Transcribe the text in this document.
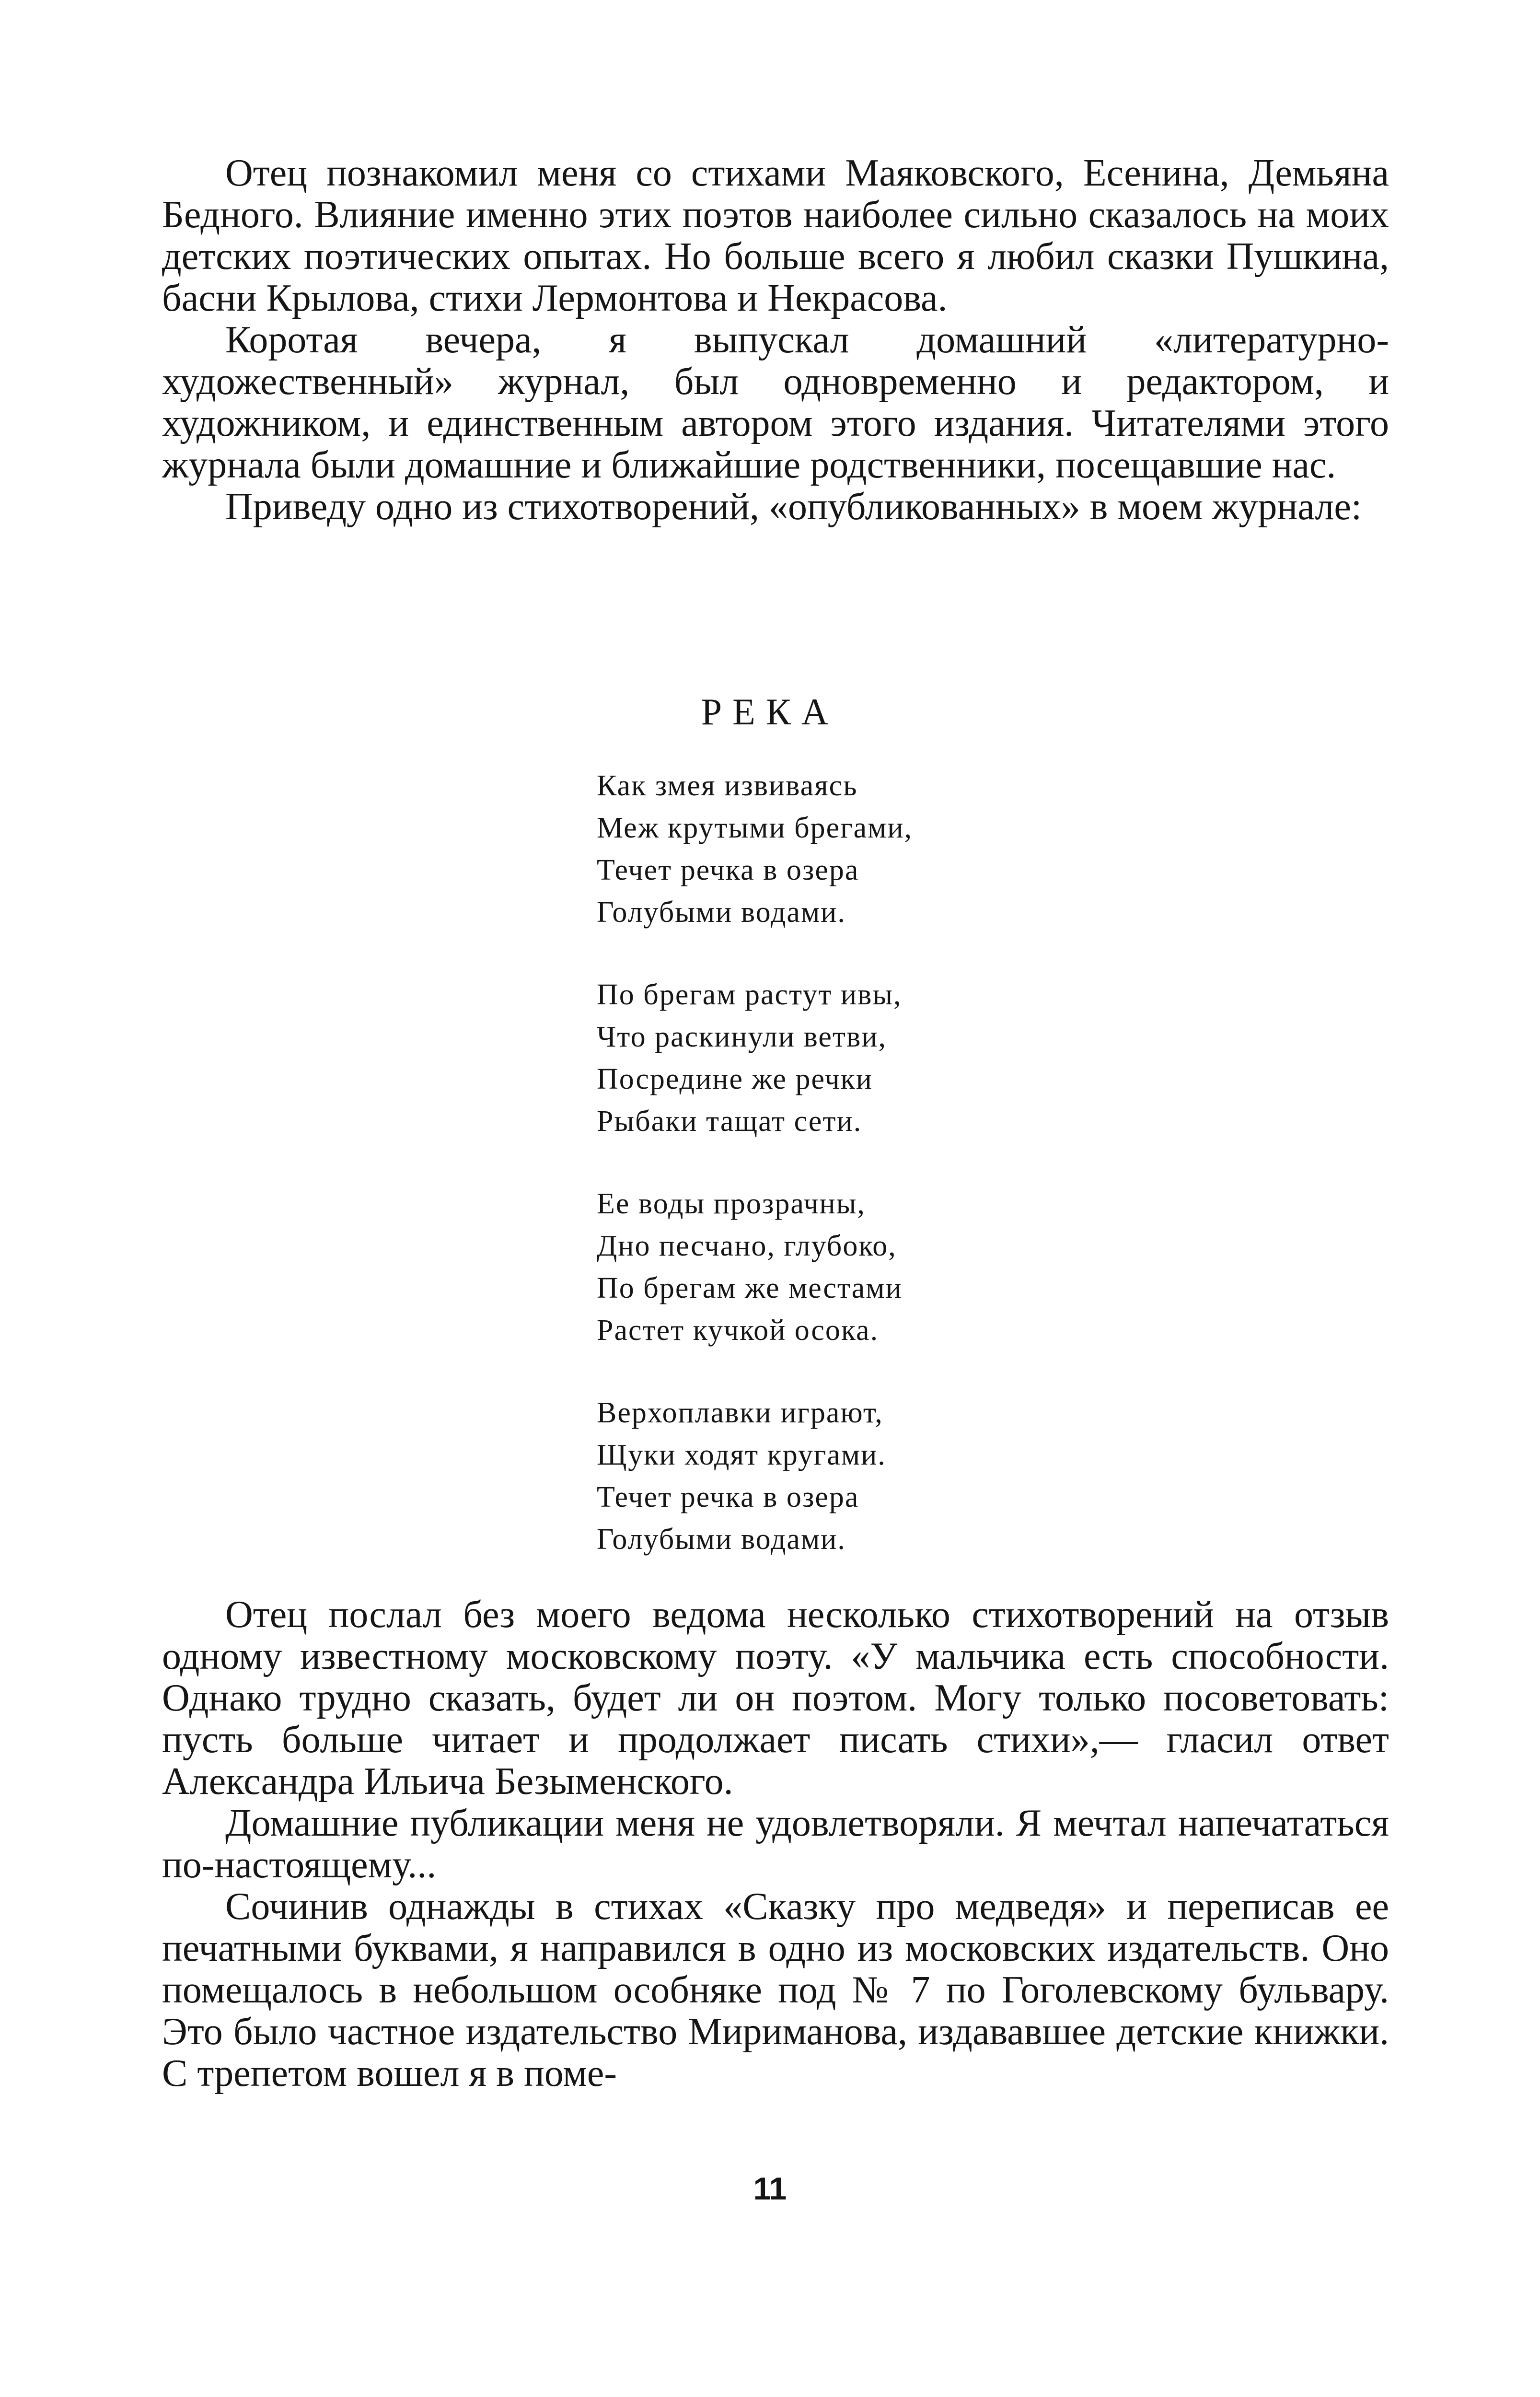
Отец познакомил меня со стихами Маяковского, Есенина, Демьяна Бедного. Влияние именно этих поэтов наиболее сильно сказалось на моих детских поэтических опытах. Но больше всего я любил сказки Пушкина, басни Крылова, стихи Лермонтова и Некрасова.

Коротая вечера, я выпускал домашний «литературно-художественный» журнал, был одновременно и редактором, и художником, и единственным автором этого издания. Читателями этого журнала были домашние и ближайшие родственники, посещавшие нас.

Приведу одно из стихотворений, «опубликованных» в моем журнале:

РЕКА
Как змея извиваясь
Меж крутыми брегами,
Течет речка в озера
Голубыми водами.
По брегам растут ивы,
Что раскинули ветви,
Посредине же речки
Рыбаки тащат сети.
Ее воды прозрачны,
Дно песчано, глубоко,
По брегам же местами
Растет кучкой осока.
Верхоплавки играют,
Щуки ходят кругами.
Течет речка в озера
Голубыми водами.

Отец послал без моего ведома несколько стихотворений на отзыв одному известному московскому поэту. «У мальчика есть способности. Однако трудно сказать, будет ли он поэтом. Могу только посоветовать: пусть больше читает и продолжает писать стихи»,— гласил ответ Александра Ильича Безыменского.

Домашние публикации меня не удовлетворяли. Я мечтал напечататься по-настоящему...

Сочинив однажды в стихах «Сказку про медведя» и переписав ее печатными буквами, я направился в одно из московских издательств. Оно помещалось в небольшом особняке под № 7 по Гоголевскому бульвару. Это было частное издательство Мириманова, издававшее детские книжки. С трепетом вошел я в поме-

11
